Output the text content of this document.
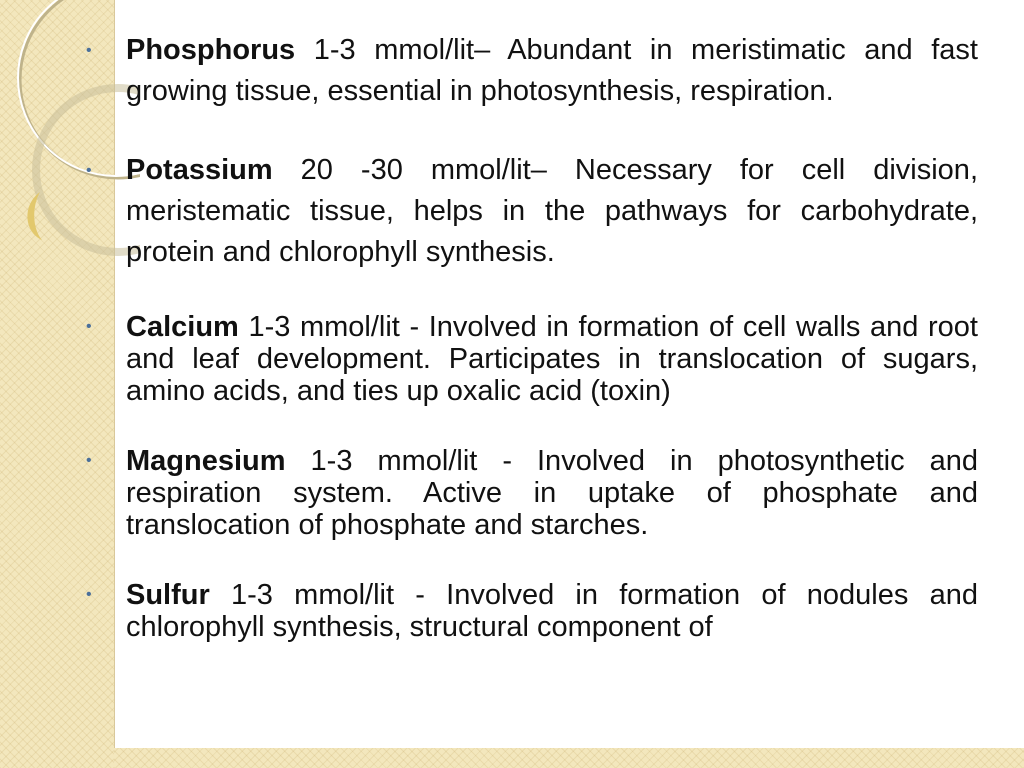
• Phosphorus 1-3 mmol/lit– Abundant in meristimatic and fast growing tissue, essential in photosynthesis, respiration.
• Potassium 20 -30 mmol/lit– Necessary for cell division, meristematic tissue, helps in the pathways for carbohydrate, protein and chlorophyll synthesis.
• Calcium 1-3 mmol/lit - Involved in formation of cell walls and root and leaf development. Participates in translocation of sugars, amino acids, and ties up oxalic acid (toxin)
• Magnesium 1-3 mmol/lit - Involved in photosynthetic and respiration system. Active in uptake of phosphate and translocation of phosphate and starches.
• Sulfur 1-3 mmol/lit - Involved in formation of nodules and chlorophyll synthesis, structural component of
